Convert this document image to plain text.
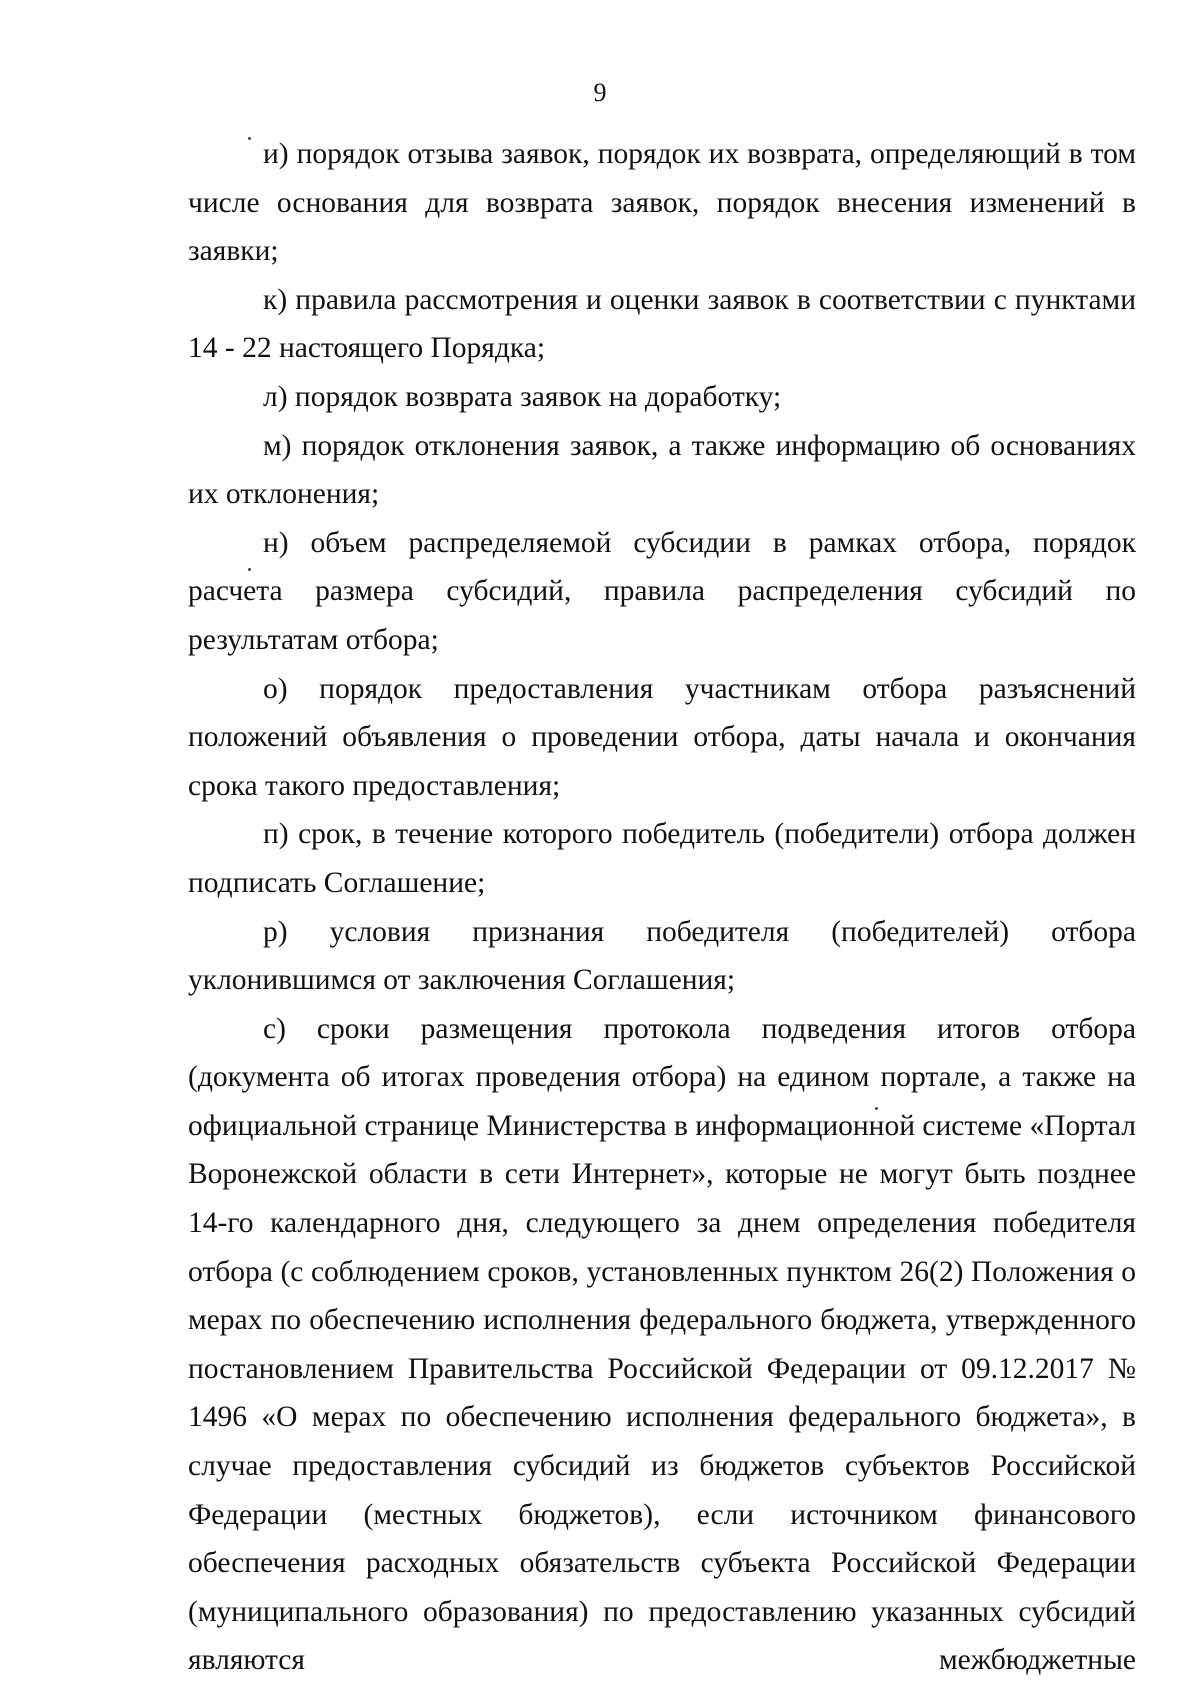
9

и) порядок отзыва заявок, порядок их возврата, определяющий в том числе основания для возврата заявок, порядок внесения изменений в заявки;

к) правила рассмотрения и оценки заявок в соответствии с пунктами 14 - 22 настоящего Порядка;

л) порядок возврата заявок на доработку;

м) порядок отклонения заявок, а также информацию об основаниях их отклонения;

н) объем распределяемой субсидии в рамках отбора, порядок расчета размера субсидий, правила распределения субсидий по результатам отбора;

о) порядок предоставления участникам отбора разъяснений положений объявления о проведении отбора, даты начала и окончания срока такого предоставления;

п) срок, в течение которого победитель (победители) отбора должен подписать Соглашение;

р) условия признания победителя (победителей) отбора уклонившимся от заключения Соглашения;

с) сроки размещения протокола подведения итогов отбора (документа об итогах проведения отбора) на едином портале, а также на официальной странице Министерства в информационной системе «Портал Воронежской области в сети Интернет», которые не могут быть позднее 14-го календарного дня, следующего за днем определения победителя отбора (с соблюдением сроков, установленных пунктом 26(2) Положения о мерах по обеспечению исполнения федерального бюджета, утвержденного постановлением Правительства Российской Федерации от 09.12.2017 № 1496 «О мерах по обеспечению исполнения федерального бюджета», в случае предоставления субсидий из бюджетов субъектов Российской Федерации (местных бюджетов), если источником финансового обеспечения расходных обязательств субъекта Российской Федерации (муниципального образования) по предоставлению указанных субсидий являются межбюджетные
